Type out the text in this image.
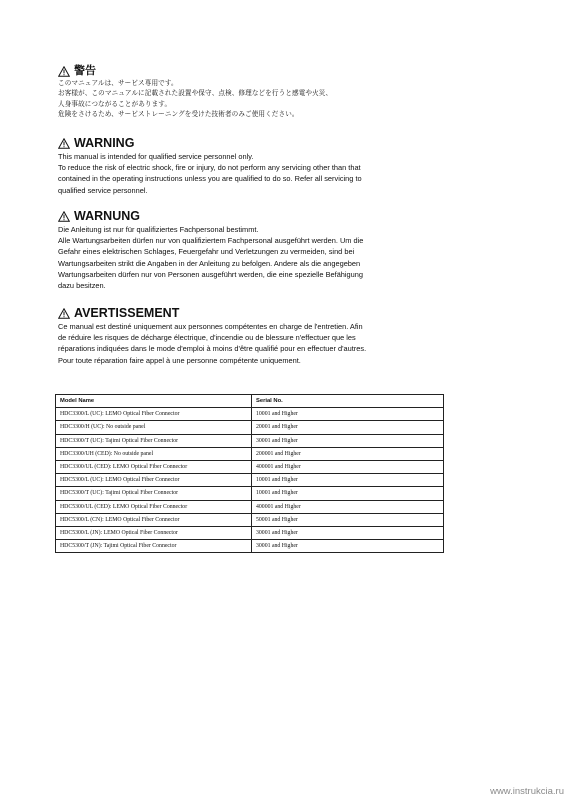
警告
このマニュアルは、サービス専用です。
お客様が、このマニュアルに記載された設置や保守、点検、修理などを行うと感電や火災、
人身事故につながることがあります。
危険をさけるため、サービストレーニングを受けた技術者のみご使用ください。
WARNING
This manual is intended for qualified service personnel only.
To reduce the risk of electric shock, fire or injury, do not perform any servicing other than that
contained in the operating instructions unless you are qualified to do so. Refer all servicing to
qualified service personnel.
WARNUNG
Die Anleitung ist nur für qualifiziertes Fachpersonal bestimmt.
Alle Wartungsarbeiten dürfen nur von qualifiziertem Fachpersonal ausgeführt werden. Um die
Gefahr eines elektrischen Schlages, Feuergefahr und Verletzungen zu vermeiden, sind bei
Wartungsarbeiten strikt die Angaben in der Anleitung zu befolgen. Andere als die angegeben
Wartungsarbeiten dürfen nur von Personen ausgeführt werden, die eine spezielle Befähigung
dazu besitzen.
AVERTISSEMENT
Ce manual est destiné uniquement aux personnes compétentes en charge de l'entretien. Afin
de réduire les risques de décharge électrique, d'incendie ou de blessure n'effectuer que les
réparations indiquées dans le mode d'emploi à moins d'être qualifié pour en effectuer d'autres.
Pour toute réparation faire appel à une personne compétente uniquement.
Model Name	Serial No.
HDC3300/L (UC): LEMO Optical Fiber Connector	10001 and Higher
HDC3300/H (UC): No outside panel	20001 and Higher
HDC3300/T (UC): Tajimi Optical Fiber Connector	30001 and Higher
HDC3300/UH (CED): No outside panel	200001 and Higher
HDC3300/UL (CED): LEMO Optical Fiber Connector	400001 and Higher
HDC5300/L (UC): LEMO Optical Fiber Connector	10001 and Higher
HDC5300/T (UC): Tajimi Optical Fiber Connector	10001 and Higher
HDC5300/UL (CED): LEMO Optical Fiber Connector	400001 and Higher
HDC5300/L (CN): LEMO Optical Fiber Connector	50001 and Higher
HDC5300/L (JN): LEMO Optical Fiber Connector	30001 and Higher
HDC5300/T (JN): Tajimi Optical Fiber Connector	30001 and Higher
www.instrukcia.ru
